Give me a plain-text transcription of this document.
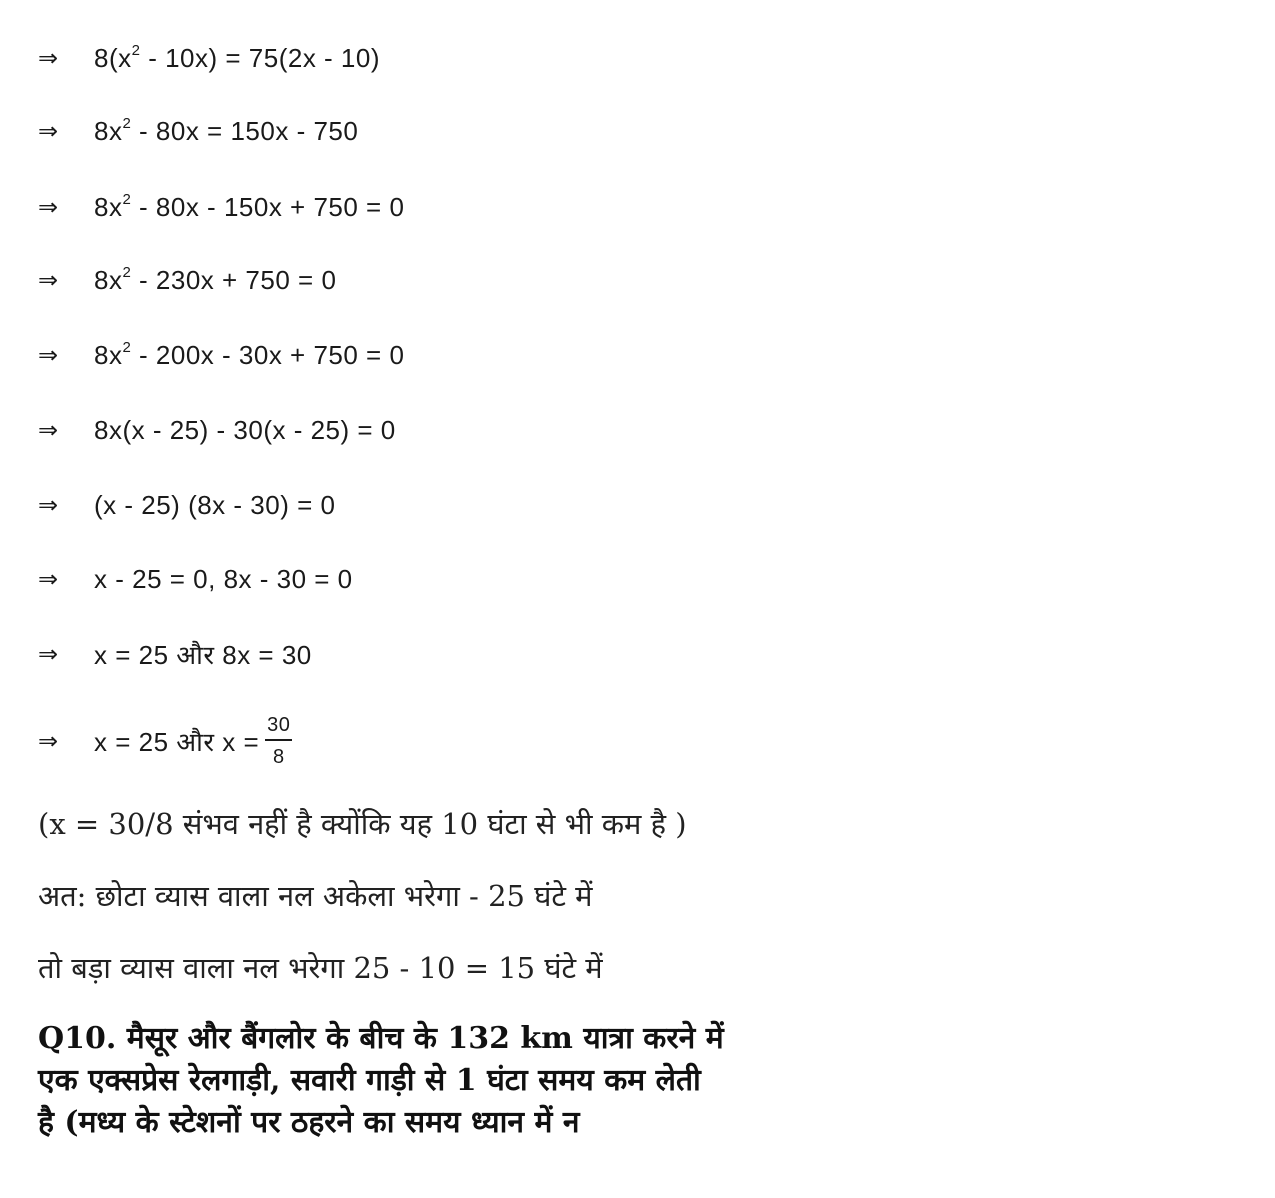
⇒	$8(x^2 - 10x) = 75(2x - 10)$
⇒	$8x^2 - 80x = 150x - 750$
⇒	$8x^2 - 80x - 150x + 750 = 0$
⇒	$8x^2 - 230x + 750 = 0$
⇒	$8x^2 - 200x - 30x + 750 = 0$
⇒	8x(x - 25) - 30(x - 25) = 0
⇒	(x - 25) (8x - 30) = 0
⇒	x - 25 = 0, 8x - 30 = 0
⇒	x = 25 और 8x = 30
⇒	x = 25 और $x = \frac{30}{8}$
(x = 30/8 संभव नहीं है क्योंकि यह 10 घंटा से भी कम है )
अत: छोटा व्यास वाला नल अकेला भरेगा - 25 घंटे में
तो बड़ा व्यास वाला नल भरेगा 25 - 10 = 15 घंटे में
Q10. मैसूर और बैंगलोर के बीच के 132 km यात्रा करने में
एक एक्सप्रेस रेलगाड़ी, सवारी गाड़ी से 1 घंटा समय कम लेती
है (मध्य के स्टेशनों पर ठहरने का समय ध्यान में न
